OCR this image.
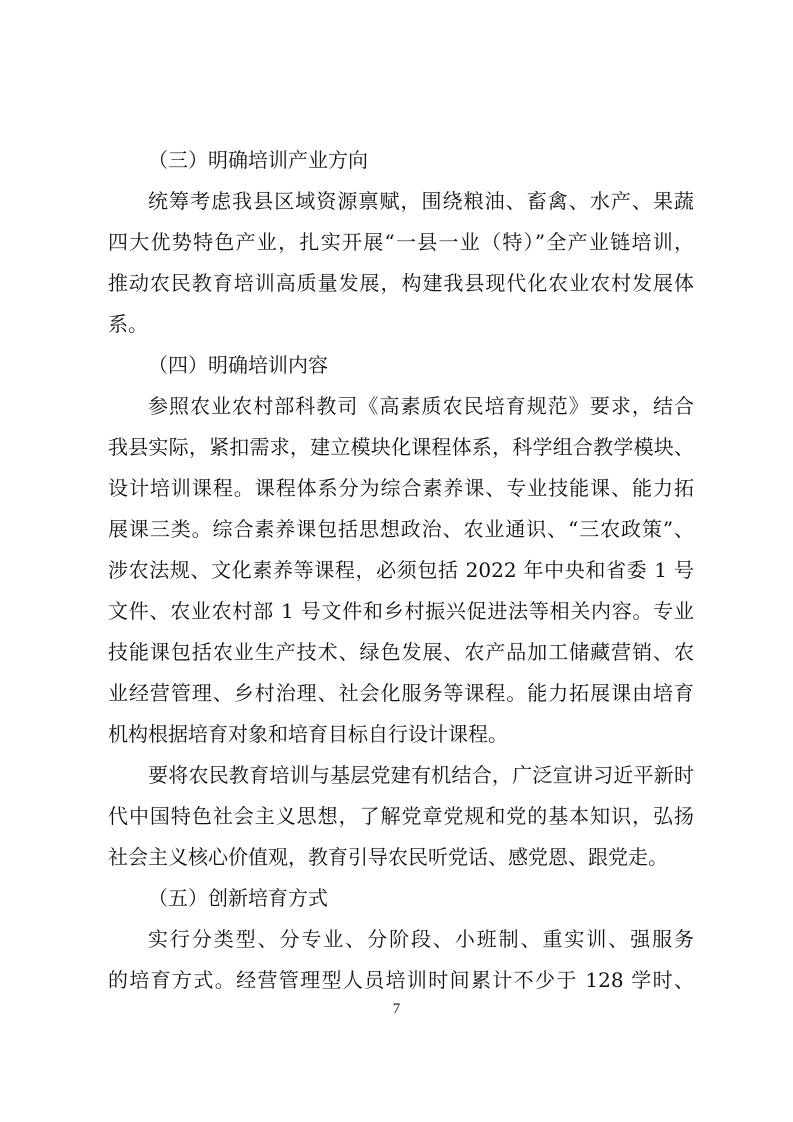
（三）明确培训产业方向
统筹考虑我县区域资源禀赋，围绕粮油、畜禽、水产、果蔬
四大优势特色产业，扎实开展“一县一业（特）”全产业链培训，
推动农民教育培训高质量发展，构建我县现代化农业农村发展体
系。
（四）明确培训内容
参照农业农村部科教司《高素质农民培育规范》要求，结合
我县实际，紧扣需求，建立模块化课程体系，科学组合教学模块、
设计培训课程。课程体系分为综合素养课、专业技能课、能力拓
展课三类。综合素养课包括思想政治、农业通识、“三农政策”、
涉农法规、文化素养等课程，必须包括 2022 年中央和省委 1 号
文件、农业农村部 1 号文件和乡村振兴促进法等相关内容。专业
技能课包括农业生产技术、绿色发展、农产品加工储藏营销、农
业经营管理、乡村治理、社会化服务等课程。能力拓展课由培育
机构根据培育对象和培育目标自行设计课程。
要将农民教育培训与基层党建有机结合，广泛宣讲习近平新时
代中国特色社会主义思想，了解党章党规和党的基本知识，弘扬
社会主义核心价值观，教育引导农民听党话、感党恩、跟党走。
（五）创新培育方式
实行分类型、分专业、分阶段、小班制、重实训、强服务
的培育方式。经营管理型人员培训时间累计不少于 128 学时、
7
